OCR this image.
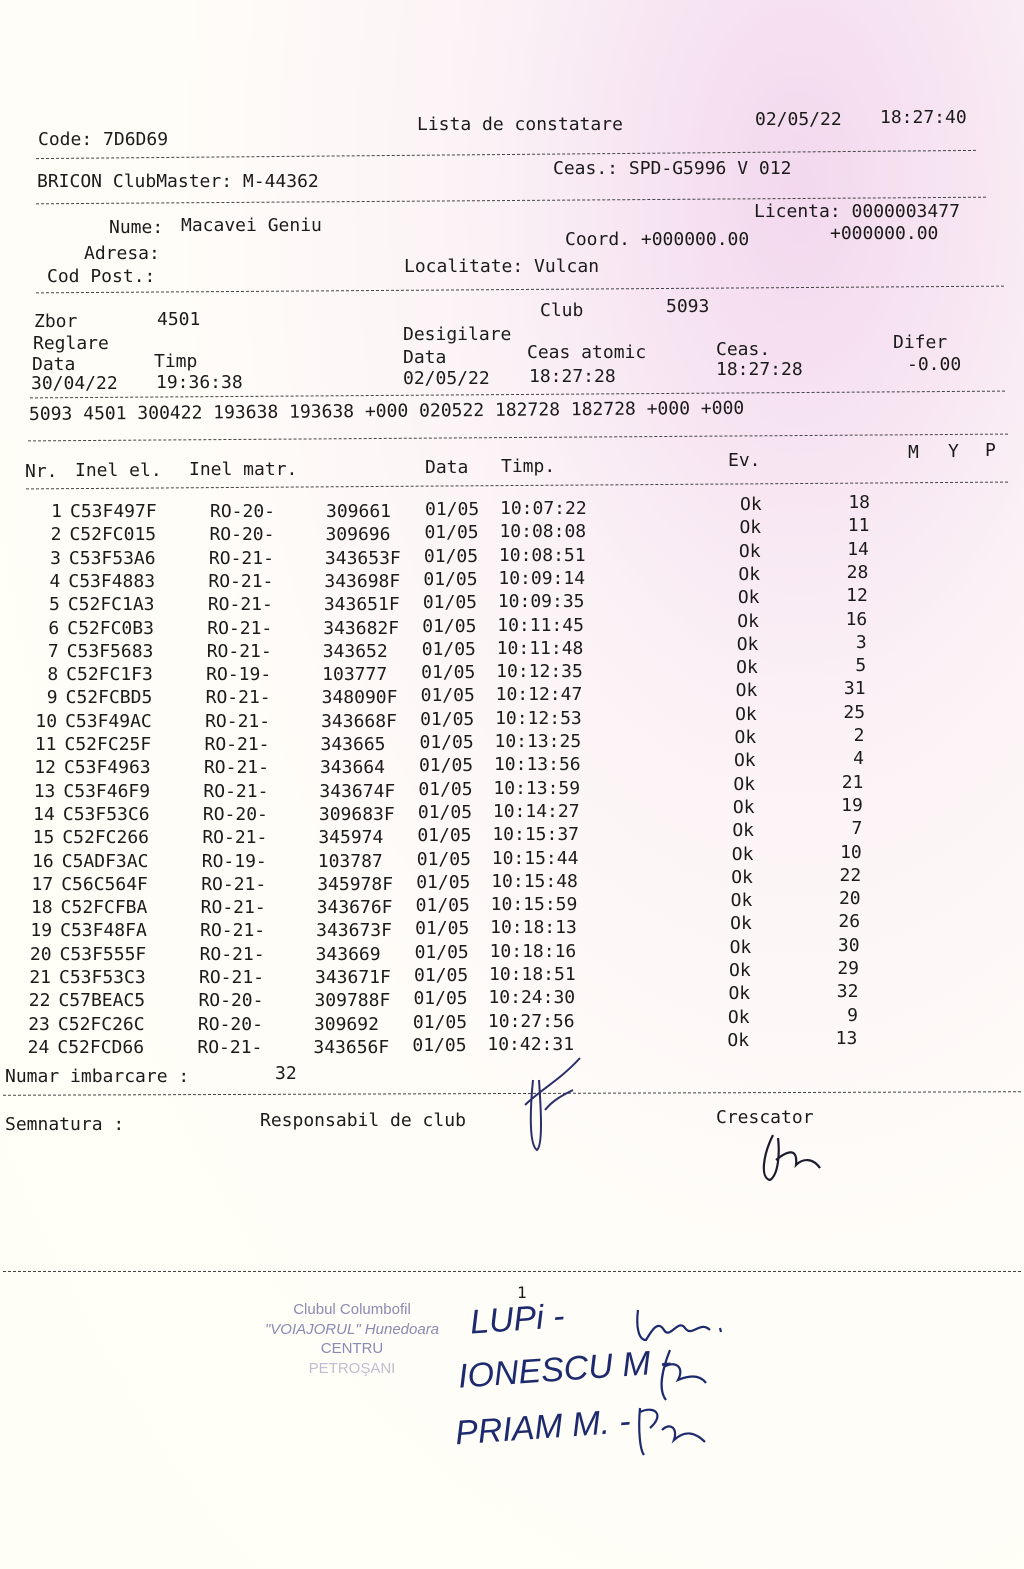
Code: 7D6D69
Lista de constatare	02/05/22 18:27:40
BRICON ClubMaster: M-44362
Ceas.: SPD-G5996 V 012
Nume: Macavei Geniu
Licenta: 0000003477
Adresa:
Coord. +000000.00	+000000.00
Cod Post.:	Localitate: Vulcan
Zbor	4501	Club	5093
Reglare	Desigilare
Data	Timp	Data	Ceas atomic	Ceas.	Difer
30/04/22 19:36:38	02/05/22 18:27:28	18:27:28	-0.00
5093 4501 300422 193638 193638 +000 020522 182728 182728 +000 +000
Nr. Inel el. Inel matr.	Data Timp.	Ev.	M Y P
1 C53F497F	RO-20-	309661 01/05 10:07:22	Ok	18
2 C52FC015	RO-20-	309696 01/05 10:08:08	Ok	11
3 C53F53A6	RO-21-	343653F 01/05 10:08:51	Ok	14
4 C53F4883	RO-21-	343698F 01/05 10:09:14	Ok	28
5 C52FC1A3	RO-21-	343651F 01/05 10:09:35	Ok	12
6 C52FC0B3	RO-21-	343682F 01/05 10:11:45	Ok	16
7 C53F5683	RO-21-	343652 01/05 10:11:48	Ok	3
8 C52FC1F3	RO-19-	103777 01/05 10:12:35	Ok	5
9 C52FCBD5	RO-21-	348090F 01/05 10:12:47	Ok	31
10 C53F49AC	RO-21-	343668F 01/05 10:12:53	Ok	25
11 C52FC25F	RO-21-	343665 01/05 10:13:25	Ok	2
12 C53F4963	RO-21-	343664 01/05 10:13:56	Ok	4
13 C53F46F9	RO-21-	343674F 01/05 10:13:59	Ok	21
14 C53F53C6	RO-20-	309683F 01/05 10:14:27	Ok	19
15 C52FC266	RO-21-	345974 01/05 10:15:37	Ok	7
16 C5ADF3AC	RO-19-	103787 01/05 10:15:44	Ok	10
17 C56C564F	RO-21-	345978F 01/05 10:15:48	Ok	22
18 C52FCFBA	RO-21-	343676F 01/05 10:15:59	Ok	20
19 C53F48FA	RO-21-	343673F 01/05 10:18:13	Ok	26
20 C53F555F	RO-21-	343669 01/05 10:18:16	Ok	30
21 C53F53C3	RO-21-	343671F 01/05 10:18:51	Ok	29
22 C57BEAC5	RO-20-	309788F 01/05 10:24:30	Ok	32
23 C52FC26C	RO-20-	309692 01/05 10:27:56	Ok	9
24 C52FCD66	RO-21-	343656F 01/05 10:42:31	Ok	13
Numar imbarcare :	32
Semnatura :	Responsabil de club	Crescator
1
Clubul Columbofil
"VOIAJORUL" Hunedoara
CENTRU
PETROŞANI
LUPi -
IONESCU M -
PRIAM M. -
